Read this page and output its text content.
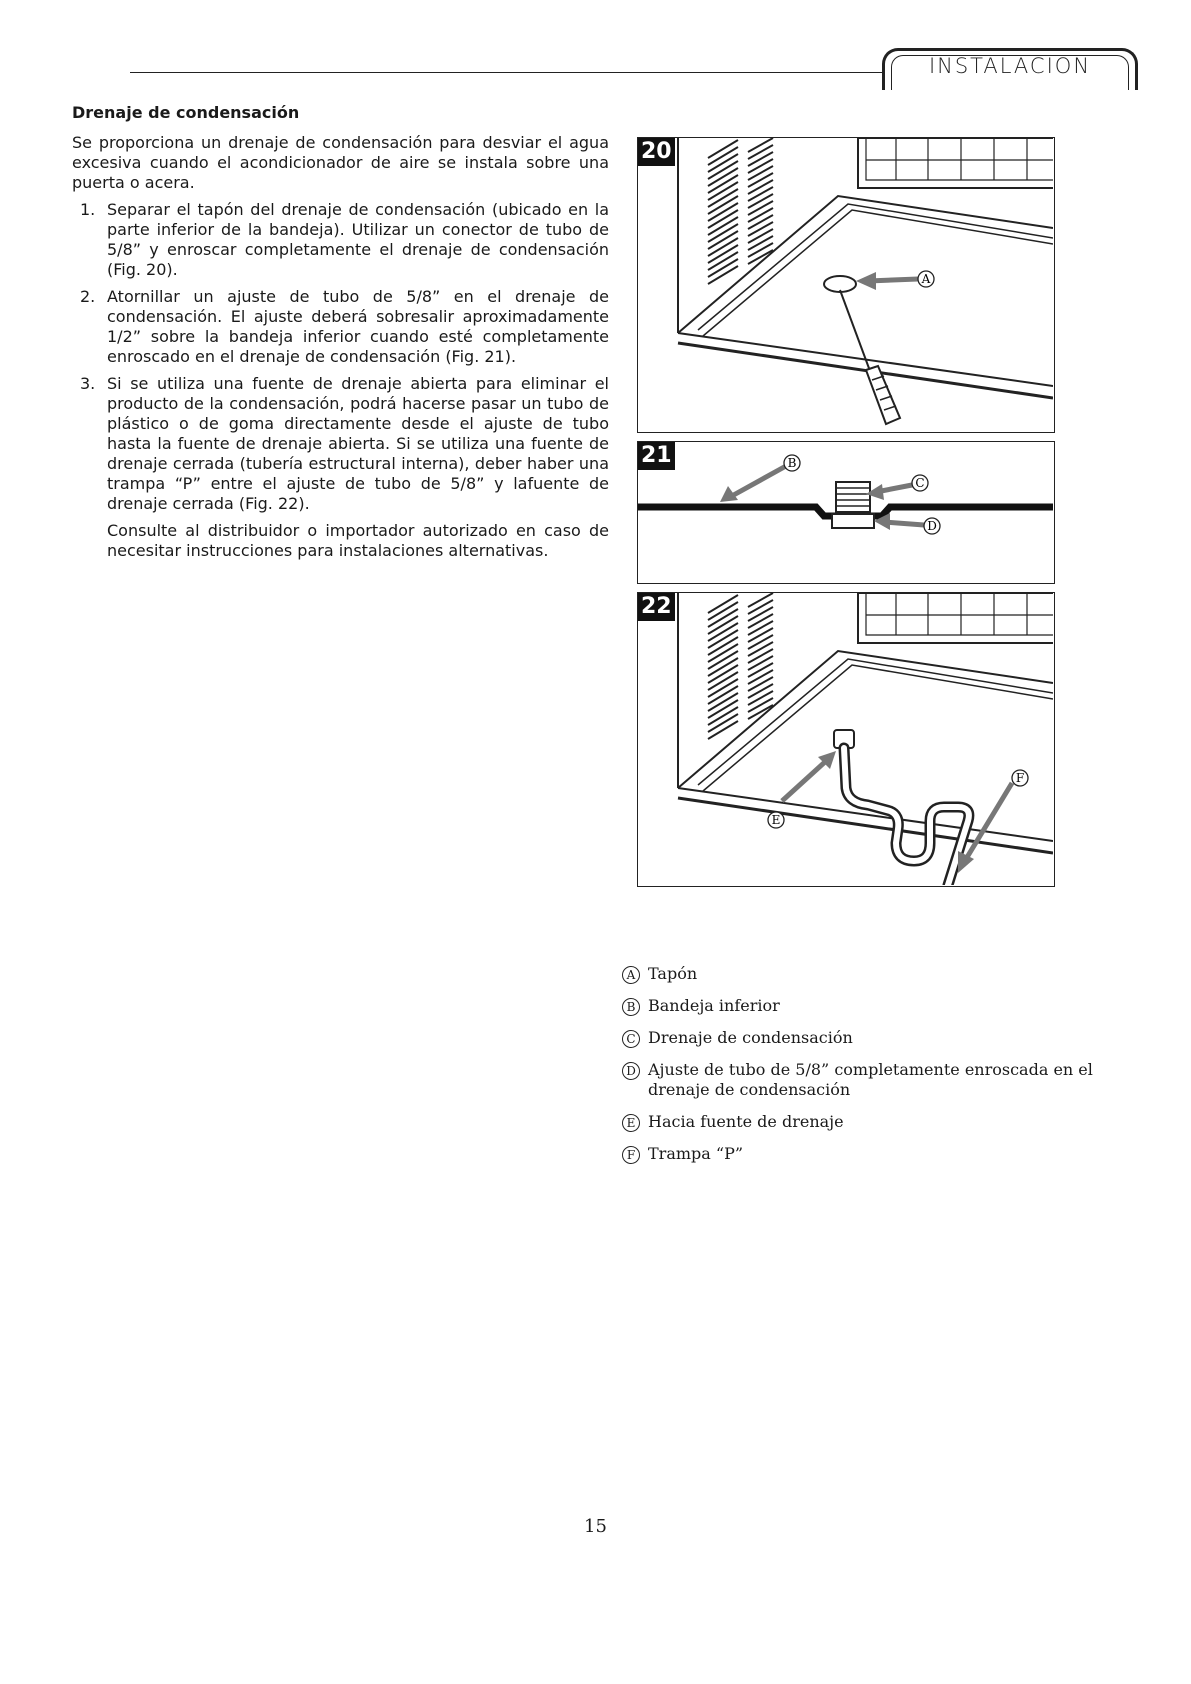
INSTALACION
Drenaje de condensación

Se proporciona un drenaje de condensación para desviar el agua excesiva cuando el acondicionador de aire se instala sobre una puerta o acera.

1. Separar el tapón del drenaje de condensación (ubicado en la parte inferior de la bandeja). Utilizar un conector de tubo de 5/8” y enroscar completamente el drenaje de condensación (Fig. 20).
2. Atornillar un ajuste de tubo de 5/8” en el drenaje de condensación. El ajuste deberá sobresalir aproximadamente 1/2” sobre la bandeja inferior cuando esté completamente enroscado en el drenaje de condensación (Fig. 21).
3. Si se utiliza una fuente de drenaje abierta para eliminar el producto de la condensación, podrá hacerse pasar un tubo de plástico o de goma directamente desde el ajuste de tubo hasta la fuente de drenaje abierta. Si se utiliza una fuente de drenaje cerrada (tubería estructural interna), deber haber una trampa “P” entre el ajuste de tubo de 5/8” y lafuente de drenaje cerrada (Fig. 22).

Consulte al distribuidor o importador autorizado en caso de necesitar instrucciones para instalaciones alternativas.

A
20
B
C
D
21
E
F
22
A Tapón
B Bandeja inferior
C Drenaje de condensación
D Ajuste de tubo de 5/8” completamente enroscada en el drenaje de condensación
E Hacia fuente de drenaje
F Trampa “P”
15
